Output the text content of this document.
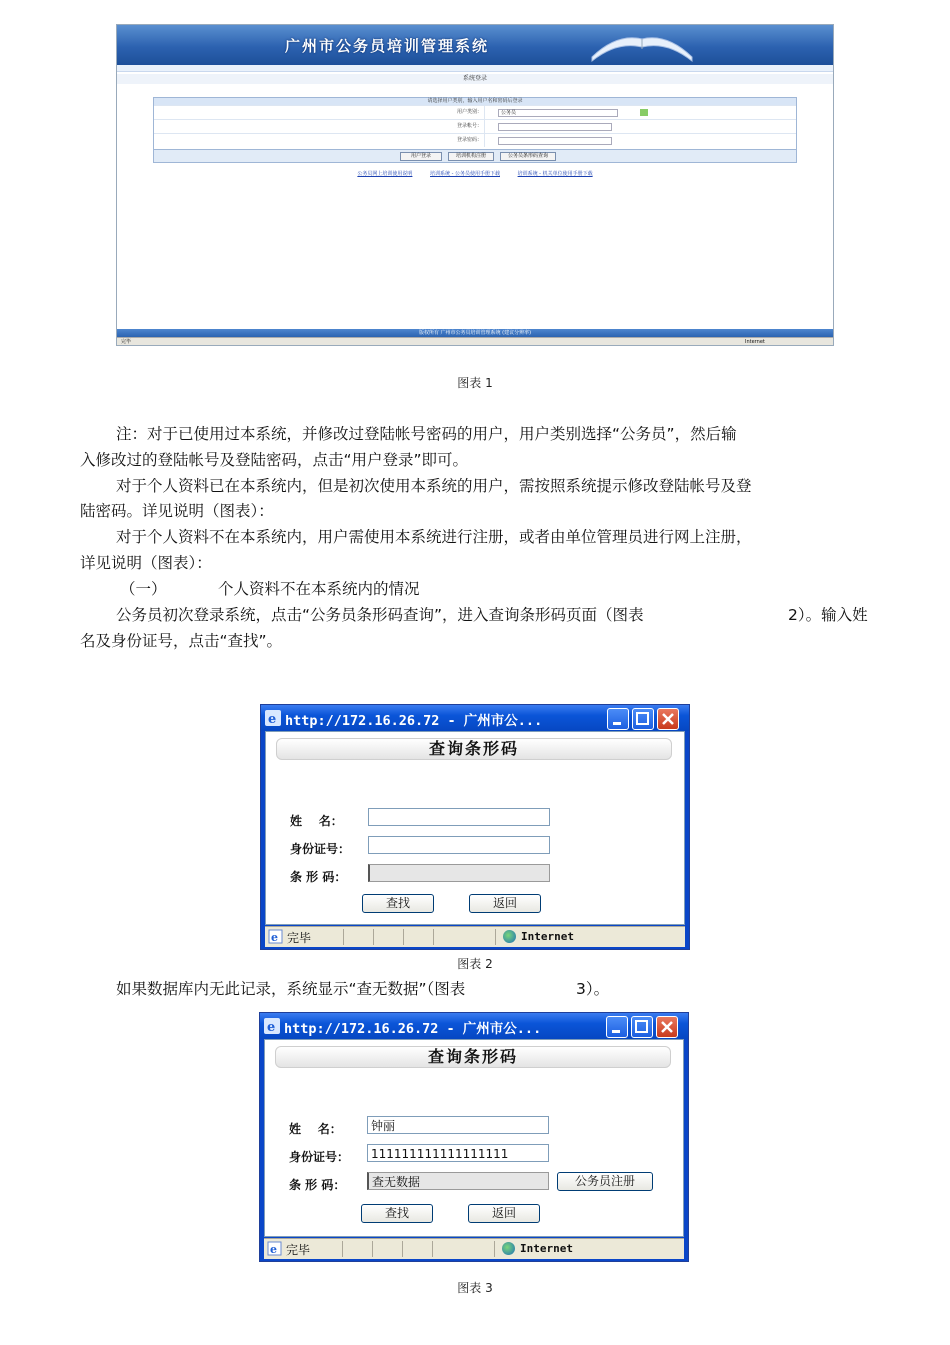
广州市公务员培训管理系统
系统登录
请选择用户类别，输入用户名和密码后登录
用户类别：	公务员
登录帐号：
登录密码：
用户登录	培训机构注册	公务员条形码查询
公务员网上培训使用说明	培训系统 - 公务员使用手册下载	培训系统 - 机关单位使用手册下载
版权所有 广州市公务员培训管理系统 (建议分辨率)
完毕	Internet
图表 1
注：对于已使用过本系统，并修改过登陆帐号密码的用户，用户类别选择“公务员”，然后输
入修改过的登陆帐号及登陆密码，点击“用户登录”即可。
对于个人资料已在本系统内，但是初次使用本系统的用户，需按照系统提示修改登陆帐号及登
陆密码。详见说明（图表）：
对于个人资料不在本系统内，用户需使用本系统进行注册，或者由单位管理员进行网上注册，
详见说明（图表）：
（一）	个人资料不在本系统内的情况
公务员初次登录系统，点击“公务员条形码查询”，进入查询条形码页面（图表	2）。输入姓
名及身份证号，点击“查找”。
e http://172.16.26.72 - 广州市公...
查询条形码
姓    名：
身份证号：
条 形 码：
查找	返回
e 完毕	Internet
图表 2
如果数据库内无此记录，系统显示“查无数据”（图表	3）。
e http://172.16.26.72 - 广州市公...
查询条形码
姓    名：	钟丽
身份证号：	111111111111111111
条 形 码：	查无数据	公务员注册
查找	返回
e 完毕	Internet
图表 3
